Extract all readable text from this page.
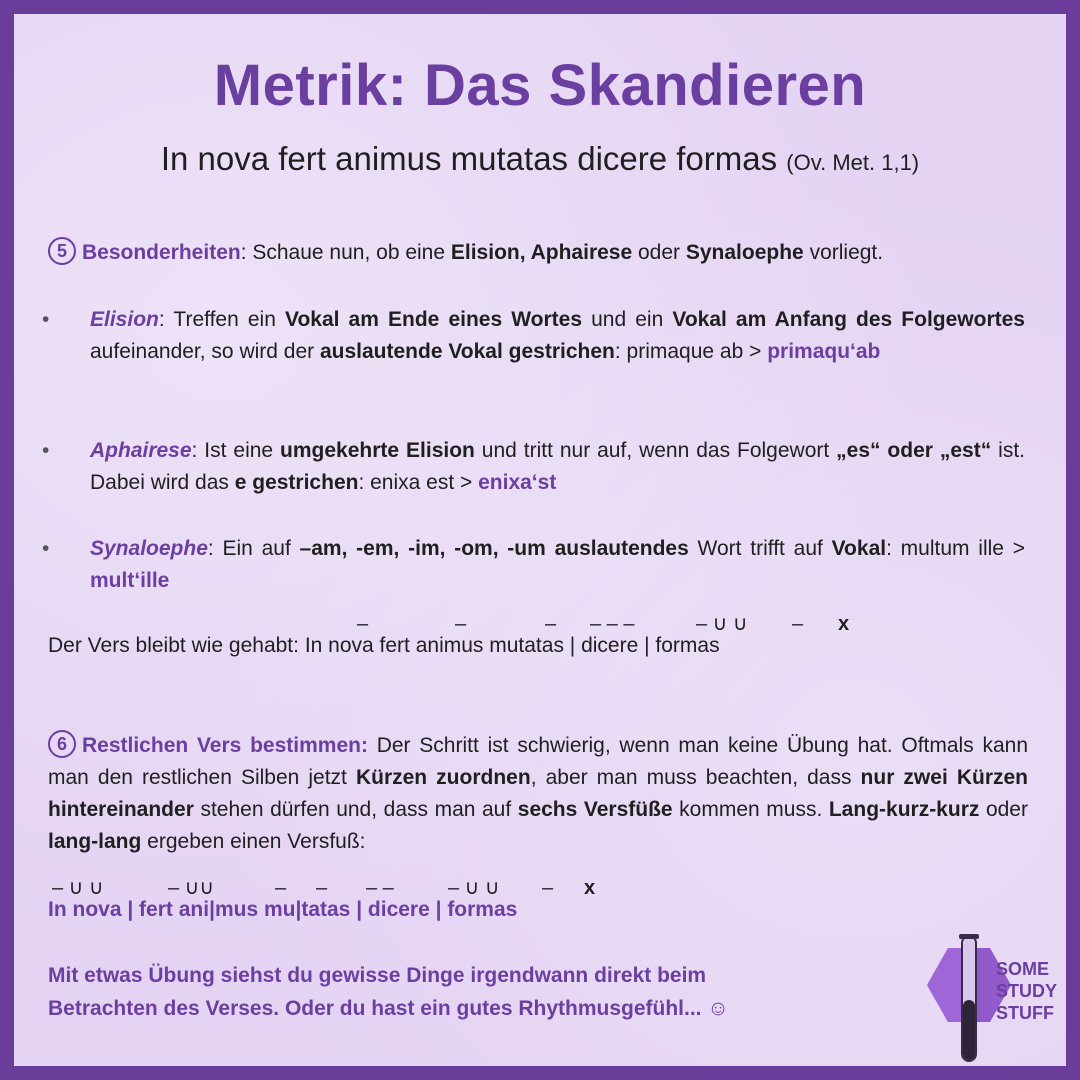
Metrik: Das Skandieren
In nova fert animus mutatas dicere formas (Ov. Met. 1,1)
5 Besonderheiten: Schaue nun, ob eine Elision, Aphairese oder Synaloephe vorliegt.
• Elision: Treffen ein Vokal am Ende eines Wortes und ein Vokal am Anfang des Folgewortes aufeinander, so wird der auslautende Vokal gestrichen: primaque ab > primaqu‘ab
• Aphairese: Ist eine umgekehrte Elision und tritt nur auf, wenn das Folgewort „es“ oder „est“ ist. Dabei wird das e gestrichen: enixa est > enixa‘st
• Synaloephe: Ein auf –am, -em, -im, -om, -um auslautendes Wort trifft auf Vokal: multum ille > mult‘ille
–	–	– – – –	– ∪ ∪ – x
Der Vers bleibt wie gehabt: In nova fert animus mutatas | dicere | formas
6 Restlichen Vers bestimmen: Der Schritt ist schwierig, wenn man keine Übung hat. Oftmals kann man den restlichen Silben jetzt Kürzen zuordnen, aber man muss beachten, dass nur zwei Kürzen hintereinander stehen dürfen und, dass man auf sechs Versfüße kommen muss. Lang-kurz-kurz oder lang-lang ergeben einen Versfuß:
– ∪ ∪	– ∪∪	– – – –	– ∪ ∪ – x
In nova | fert ani|mus mu|tatas | dicere | formas
Mit etwas Übung siehst du gewisse Dinge irgendwann direkt beim
Betrachten des Verses. Oder du hast ein gutes Rhythmusgefühl... ☺
SOME
STUDY
STUFF
